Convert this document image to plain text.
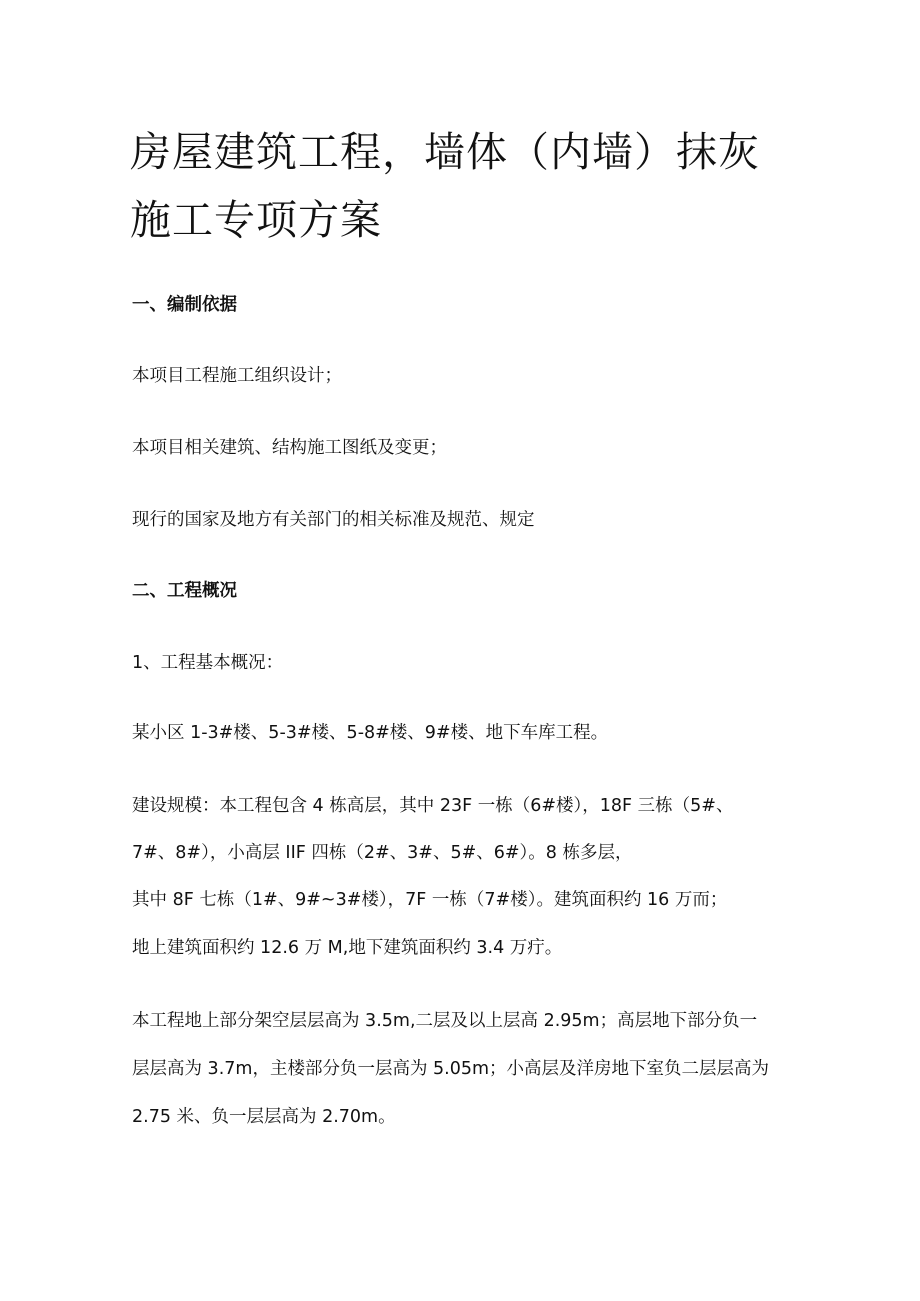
房屋建筑工程，墙体（内墙）抹灰
施工专项方案

一、编制依据

本项目工程施工组织设计；

本项目相关建筑、结构施工图纸及变更；

现行的国家及地方有关部门的相关标准及规范、规定

二、工程概况

1、工程基本概况：

某小区 1-3#楼、5-3#楼、5-8#楼、9#楼、地下车库工程。

建设规模：本工程包含 4 栋高层，其中 23F 一栋（6#楼），18F 三栋（5#、

7#、8#），小高层 IIF 四栋（2#、3#、5#、6#）。8 栋多层，

其中 8F 七栋（1#、9#~3#楼），7F 一栋（7#楼）。建筑面积约 16 万而；

地上建筑面积约 12.6 万 M,地下建筑面积约 3.4 万疔。

本工程地上部分架空层层高为 3.5m,二层及以上层高 2.95m；高层地下部分负一

层层高为 3.7m，主楼部分负一层高为 5.05m；小高层及洋房地下室负二层层高为

2.75 米、负一层层高为 2.70m。
